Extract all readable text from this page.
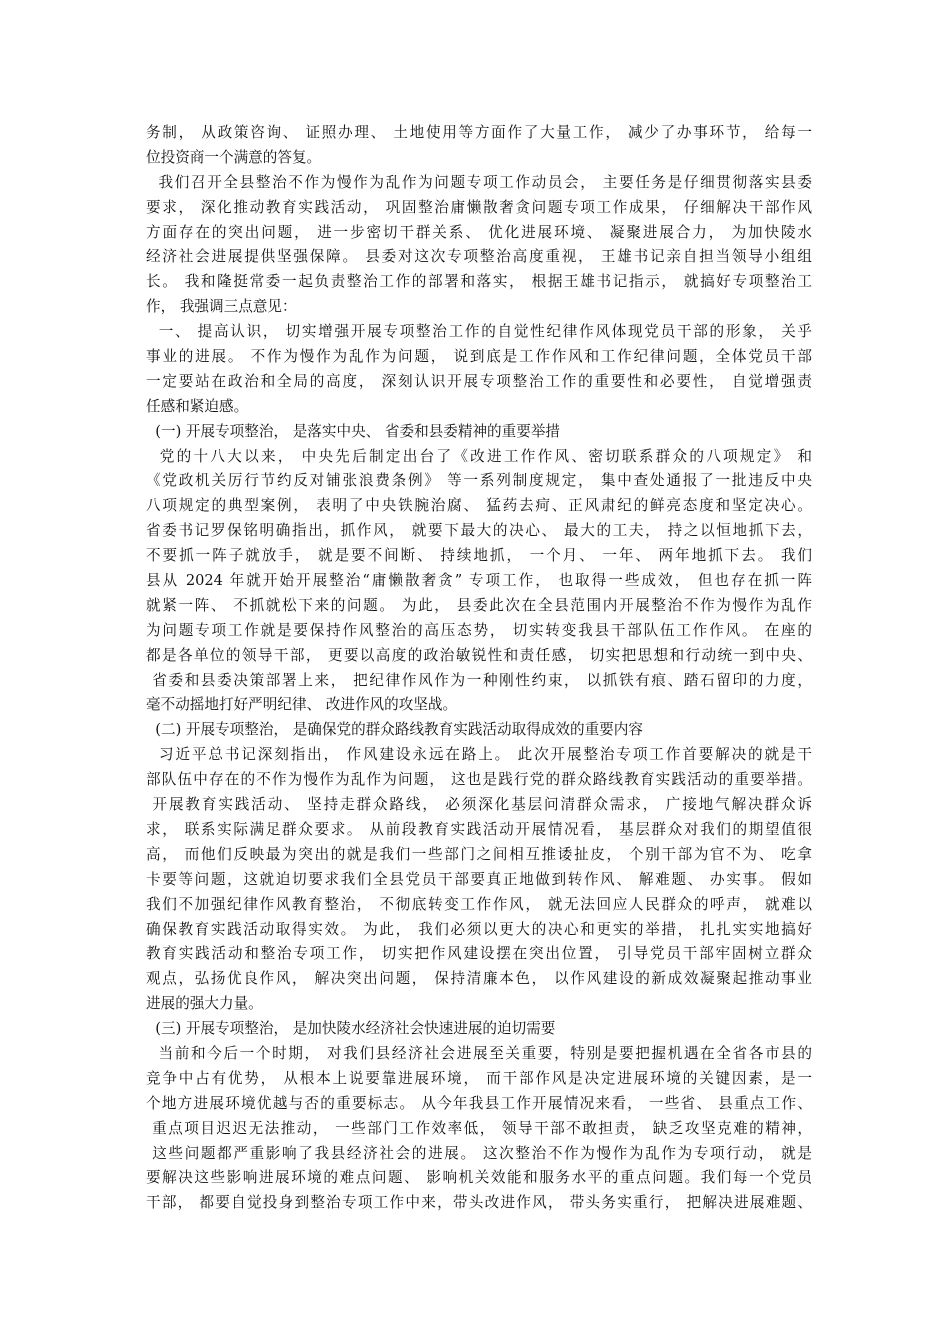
务制， 从政策咨询、 证照办理、 土地使用等方面作了大量工作， 减少了办事环节， 给每一
位投资商一个满意的答复。
我们召开全县整治不作为慢作为乱作为问题专项工作动员会， 主要任务是仔细贯彻落实县委
要求， 深化推动教育实践活动， 巩固整治庸懒散奢贪问题专项工作成果， 仔细解决干部作风
方面存在的突出问题， 进一步密切干群关系、 优化进展环境、 凝聚进展合力， 为加快陵水
经济社会进展提供坚强保障。 县委对这次专项整治高度重视， 王雄书记亲自担当领导小组组
长。 我和隆挺常委一起负责整治工作的部署和落实， 根据王雄书记指示， 就搞好专项整治工
作， 我强调三点意见：
一、 提高认识， 切实增强开展专项整治工作的自觉性纪律作风体现党员干部的形象， 关乎
事业的进展。 不作为慢作为乱作为问题， 说到底是工作作风和工作纪律问题，全体党员干部
一定要站在政治和全局的高度， 深刻认识开展专项整治工作的重要性和必要性， 自觉增强责
任感和紧迫感。
(一) 开展专项整治， 是落实中央、 省委和县委精神的重要举措
党的十八大以来， 中央先后制定出台了《改进工作作风、密切联系群众的八项规定》 和
《党政机关厉行节约反对铺张浪费条例》 等一系列制度规定， 集中查处通报了一批违反中央
八项规定的典型案例， 表明了中央铁腕治腐、 猛药去疴、正风肃纪的鲜亮态度和坚定决心。
省委书记罗保铭明确指出，抓作风， 就要下最大的决心、 最大的工夫， 持之以恒地抓下去，
不要抓一阵子就放手， 就是要不间断、 持续地抓， 一个月、 一年、 两年地抓下去。 我们
县从 2024 年就开始开展整治“庸懒散奢贪” 专项工作， 也取得一些成效， 但也存在抓一阵
就紧一阵、 不抓就松下来的问题。 为此， 县委此次在全县范围内开展整治不作为慢作为乱作
为问题专项工作就是要保持作风整治的高压态势， 切实转变我县干部队伍工作作风。 在座的
都是各单位的领导干部， 更要以高度的政治敏锐性和责任感， 切实把思想和行动统一到中央、
省委和县委决策部署上来， 把纪律作风作为一种刚性约束， 以抓铁有痕、踏石留印的力度，
毫不动摇地打好严明纪律、 改进作风的攻坚战。
(二) 开展专项整治， 是确保党的群众路线教育实践活动取得成效的重要内容
习近平总书记深刻指出， 作风建设永远在路上。 此次开展整治专项工作首要解决的就是干
部队伍中存在的不作为慢作为乱作为问题， 这也是践行党的群众路线教育实践活动的重要举措。
开展教育实践活动、 坚持走群众路线， 必须深化基层问清群众需求， 广接地气解决群众诉
求， 联系实际满足群众要求。 从前段教育实践活动开展情况看， 基层群众对我们的期望值很
高， 而他们反映最为突出的就是我们一些部门之间相互推诿扯皮， 个别干部为官不为、 吃拿
卡要等问题，这就迫切要求我们全县党员干部要真正地做到转作风、 解难题、 办实事。 假如
我们不加强纪律作风教育整治， 不彻底转变工作作风， 就无法回应人民群众的呼声， 就难以
确保教育实践活动取得实效。 为此， 我们必须以更大的决心和更实的举措， 扎扎实实地搞好
教育实践活动和整治专项工作， 切实把作风建设摆在突出位置， 引导党员干部牢固树立群众
观点，弘扬优良作风， 解决突出问题， 保持清廉本色， 以作风建设的新成效凝聚起推动事业
进展的强大力量。
(三) 开展专项整治， 是加快陵水经济社会快速进展的迫切需要
当前和今后一个时期， 对我们县经济社会进展至关重要，特别是要把握机遇在全省各市县的
竞争中占有优势， 从根本上说要靠进展环境， 而干部作风是决定进展环境的关键因素，是一
个地方进展环境优越与否的重要标志。 从今年我县工作开展情况来看， 一些省、 县重点工作、
重点项目迟迟无法推动， 一些部门工作效率低， 领导干部不敢担责， 缺乏攻坚克难的精神，
这些问题都严重影响了我县经济社会的进展。 这次整治不作为慢作为乱作为专项行动， 就是
要解决这些影响进展环境的难点问题、 影响机关效能和服务水平的重点问题。我们每一个党员
干部， 都要自觉投身到整治专项工作中来，带头改进作风， 带头务实重行， 把解决进展难题、
